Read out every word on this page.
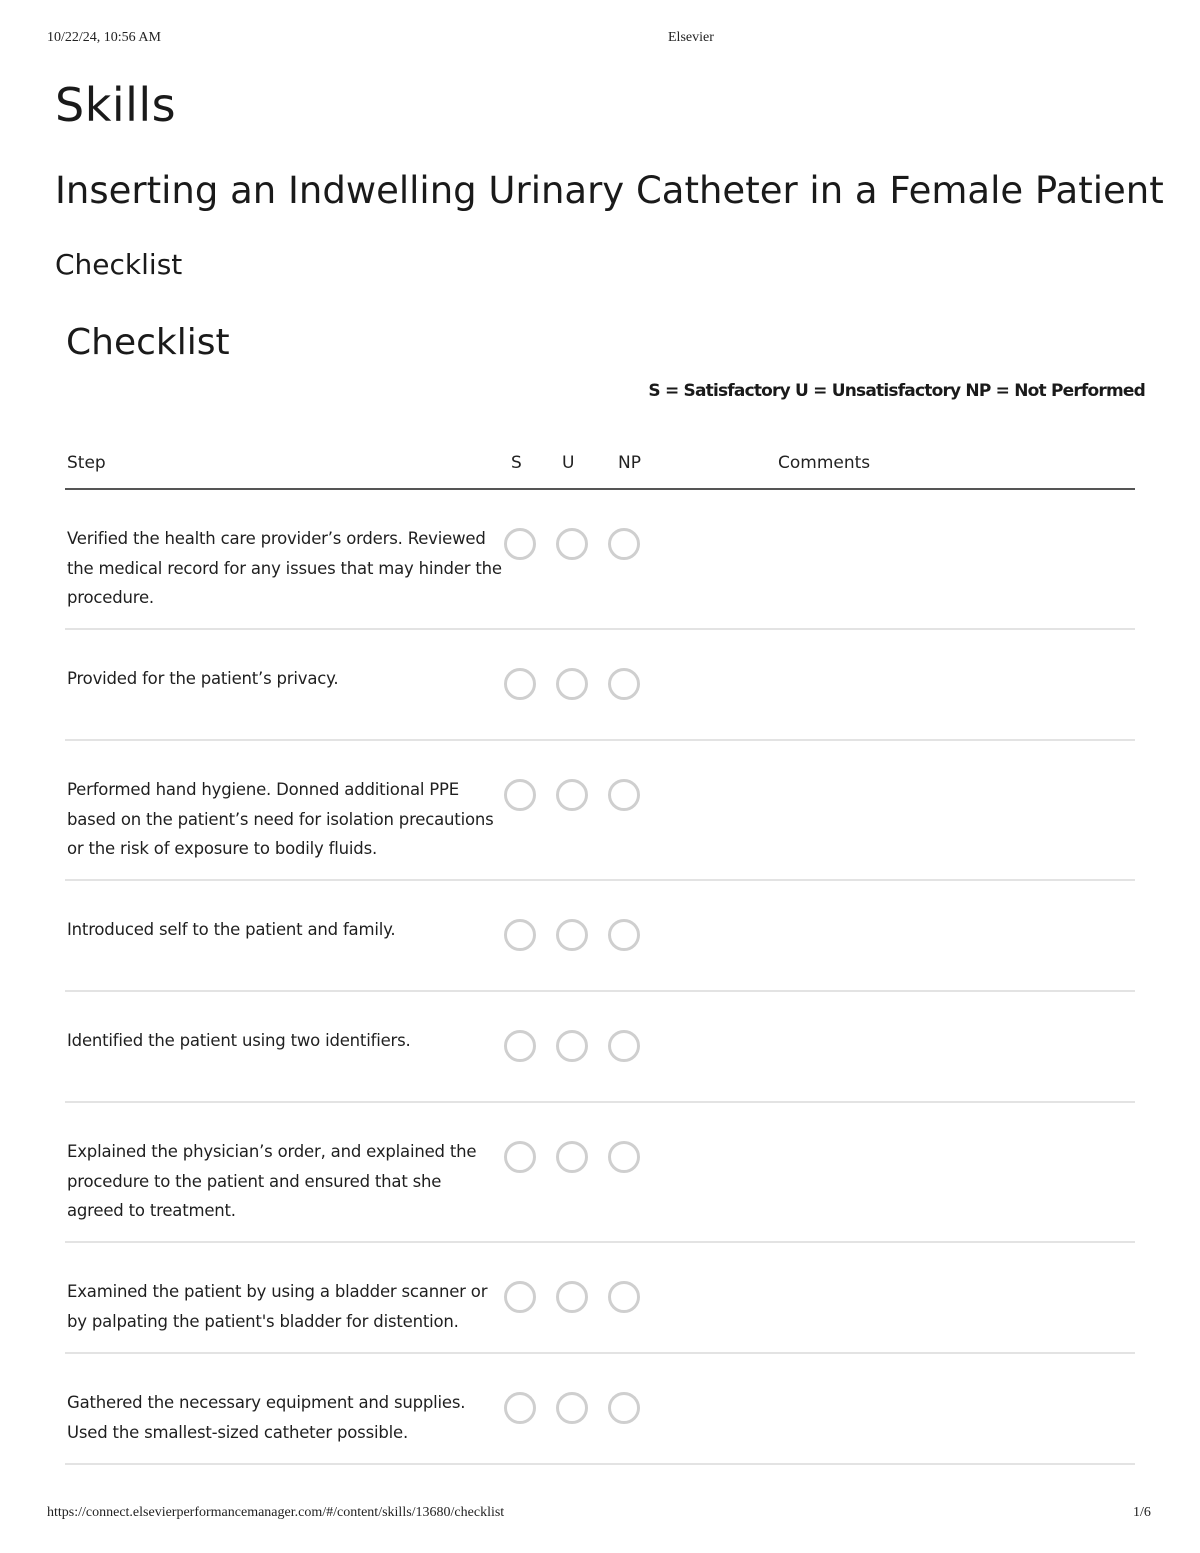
10/22/24, 10:56 AM	Elsevier
Skills
Inserting an Indwelling Urinary Catheter in a Female Patient
Checklist
Checklist
S = Satisfactory U = Unsatisfactory NP = Not Performed
Step	S U	NP	Comments
Verified the health care provider’s orders. Reviewed the medical record for any issues that may hinder the procedure.
Provided for the patient’s privacy.
Performed hand hygiene. Donned additional PPE based on the patient’s need for isolation precautions or the risk of exposure to bodily fluids.
Introduced self to the patient and family.
Identified the patient using two identifiers.
Explained the physician’s order, and explained the procedure to the patient and ensured that she agreed to treatment.
Examined the patient by using a bladder scanner or by palpating the patient's bladder for distention.
Gathered the necessary equipment and supplies. Used the smallest-sized catheter possible.
https://connect.elsevierperformancemanager.com/#/content/skills/13680/checklist	1/6
